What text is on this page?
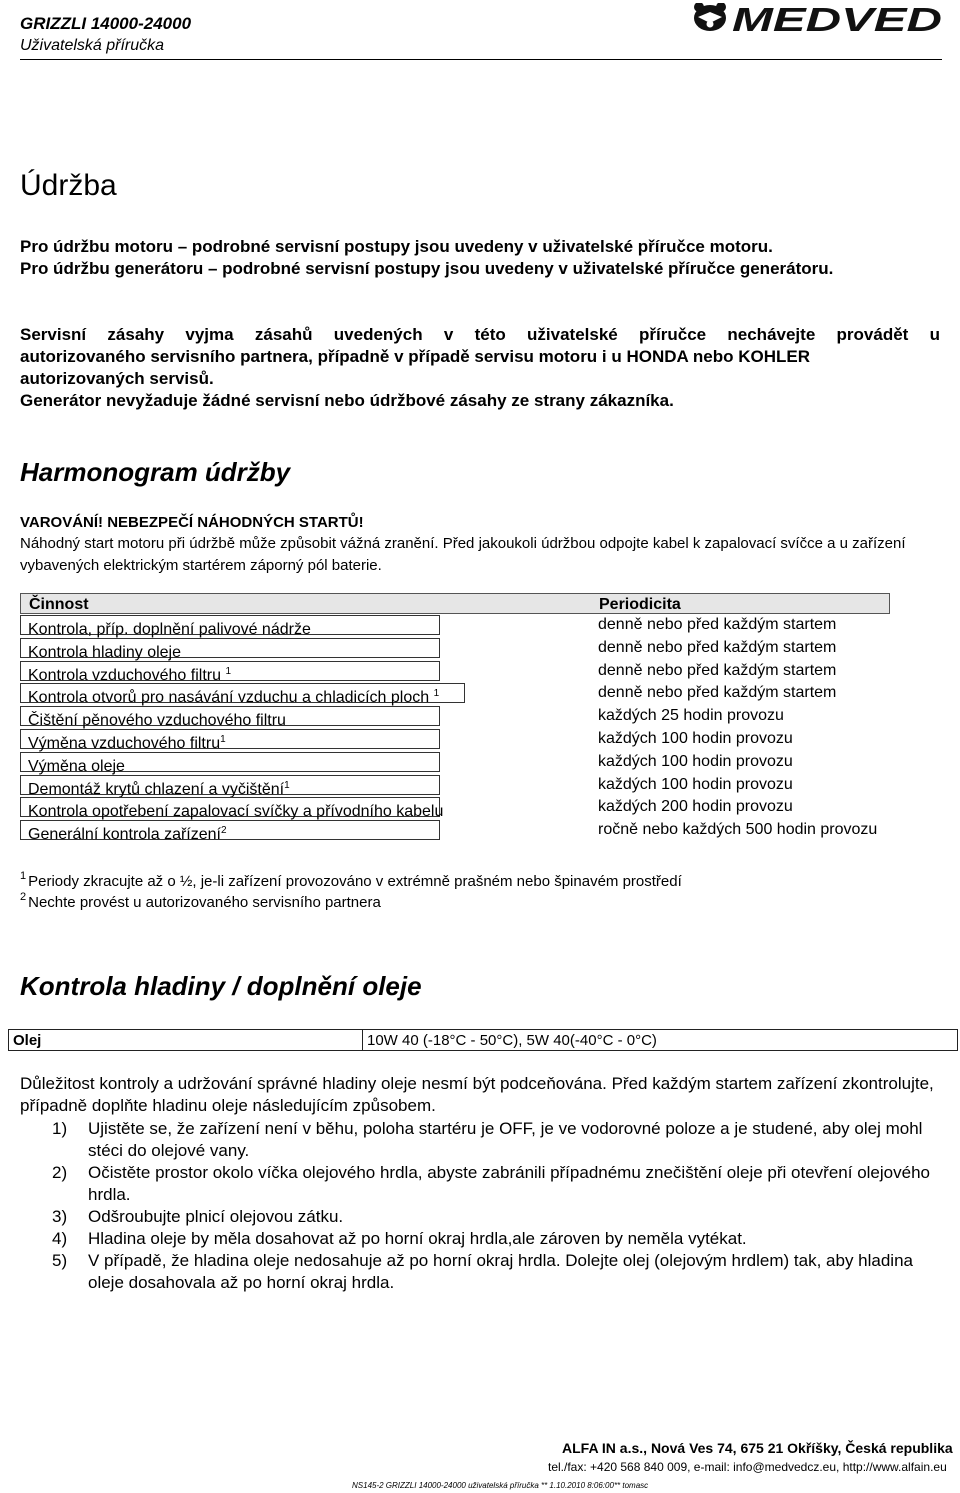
GRIZZLI 14000-24000
Uživatelská příručka
MEDVED
Údržba
Pro údržbu motoru – podrobné servisní postupy jsou uvedeny v uživatelské příručce motoru.
Pro údržbu generátoru – podrobné servisní postupy jsou uvedeny v uživatelské příručce generátoru.
Servisní zásahy vyjma zásahů uvedených v této uživatelské příručce nechávejte provádět u
autorizovaného servisního partnera, případně v případě servisu motoru i u HONDA nebo KOHLER
autorizovaných servisů.
Generátor nevyžaduje žádné servisní nebo údržbové zásahy ze strany zákazníka.
Harmonogram údržby
VAROVÁNÍ! NEBEZPEČÍ NÁHODNÝCH STARTŮ!
Náhodný start motoru při údržbě může způsobit vážná zranění. Před jakoukoli údržbou odpojte kabel k zapalovací svíčce a u zařízení vybavených elektrickým startérem záporný pól baterie.
Činnost	Periodicita
Kontrola, příp. doplnění palivové nádrže	denně nebo před každým startem
Kontrola hladiny oleje	denně nebo před každým startem
Kontrola vzduchového filtru $^1$	denně nebo před každým startem
Kontrola otvorů pro nasávání vzduchu a chladicích ploch $^1$	denně nebo před každým startem
Čištění pěnového vzduchového filtru	každých 25 hodin provozu
Výměna vzduchového filtru$^1$	každých 100 hodin provozu
Výměna oleje	každých 100 hodin provozu
Demontáž krytů chlazení a vyčištění$^1$	každých 100 hodin provozu
Kontrola opotřebení zapalovací svíčky a přívodního kabelu	každých 200 hodin provozu
Generální kontrola zařízení$^2$	ročně nebo každých 500 hodin provozu
$^1$ Periody zkracujte až o ½, je-li zařízení provozováno v extrémně prašném nebo špinavém prostředí
$^2$ Nechte provést u autorizovaného servisního partnera
Kontrola hladiny / doplnění oleje
Olej	10W 40 (-18°C - 50°C), 5W 40(-40°C - 0°C)
Důležitost kontroly a udržování správné hladiny oleje nesmí být podceňována. Před každým startem zařízení zkontrolujte, případně doplňte hladinu oleje následujícím způsobem.
1)	Ujistěte se, že zařízení není v běhu, poloha startéru je OFF, je ve vodorovné poloze a je studené, aby olej mohl stéci do olejové vany.
2)	Očistěte prostor okolo víčka olejového hrdla, abyste zabránili případnému znečištění oleje při otevření olejového hrdla.
3)	Odšroubujte plnicí olejovou zátku.
4)	Hladina oleje by měla dosahovat až po horní okraj hrdla,ale zároven by neměla vytékat.
5)	V případě, že hladina oleje nedosahuje až po horní okraj hrdla. Dolejte olej (olejovým hrdlem) tak, aby hladina oleje dosahovala až po horní okraj hrdla.
ALFA IN a.s., Nová Ves 74, 675 21 Okříšky, Česká republika
tel./fax: +420 568 840 009, e-mail: info@medvedcz.eu, http://www.alfain.eu
NS145-2 GRIZZLI 14000-24000 uživatelská příručka ** 1.10.2010 8:06:00** tomasc
